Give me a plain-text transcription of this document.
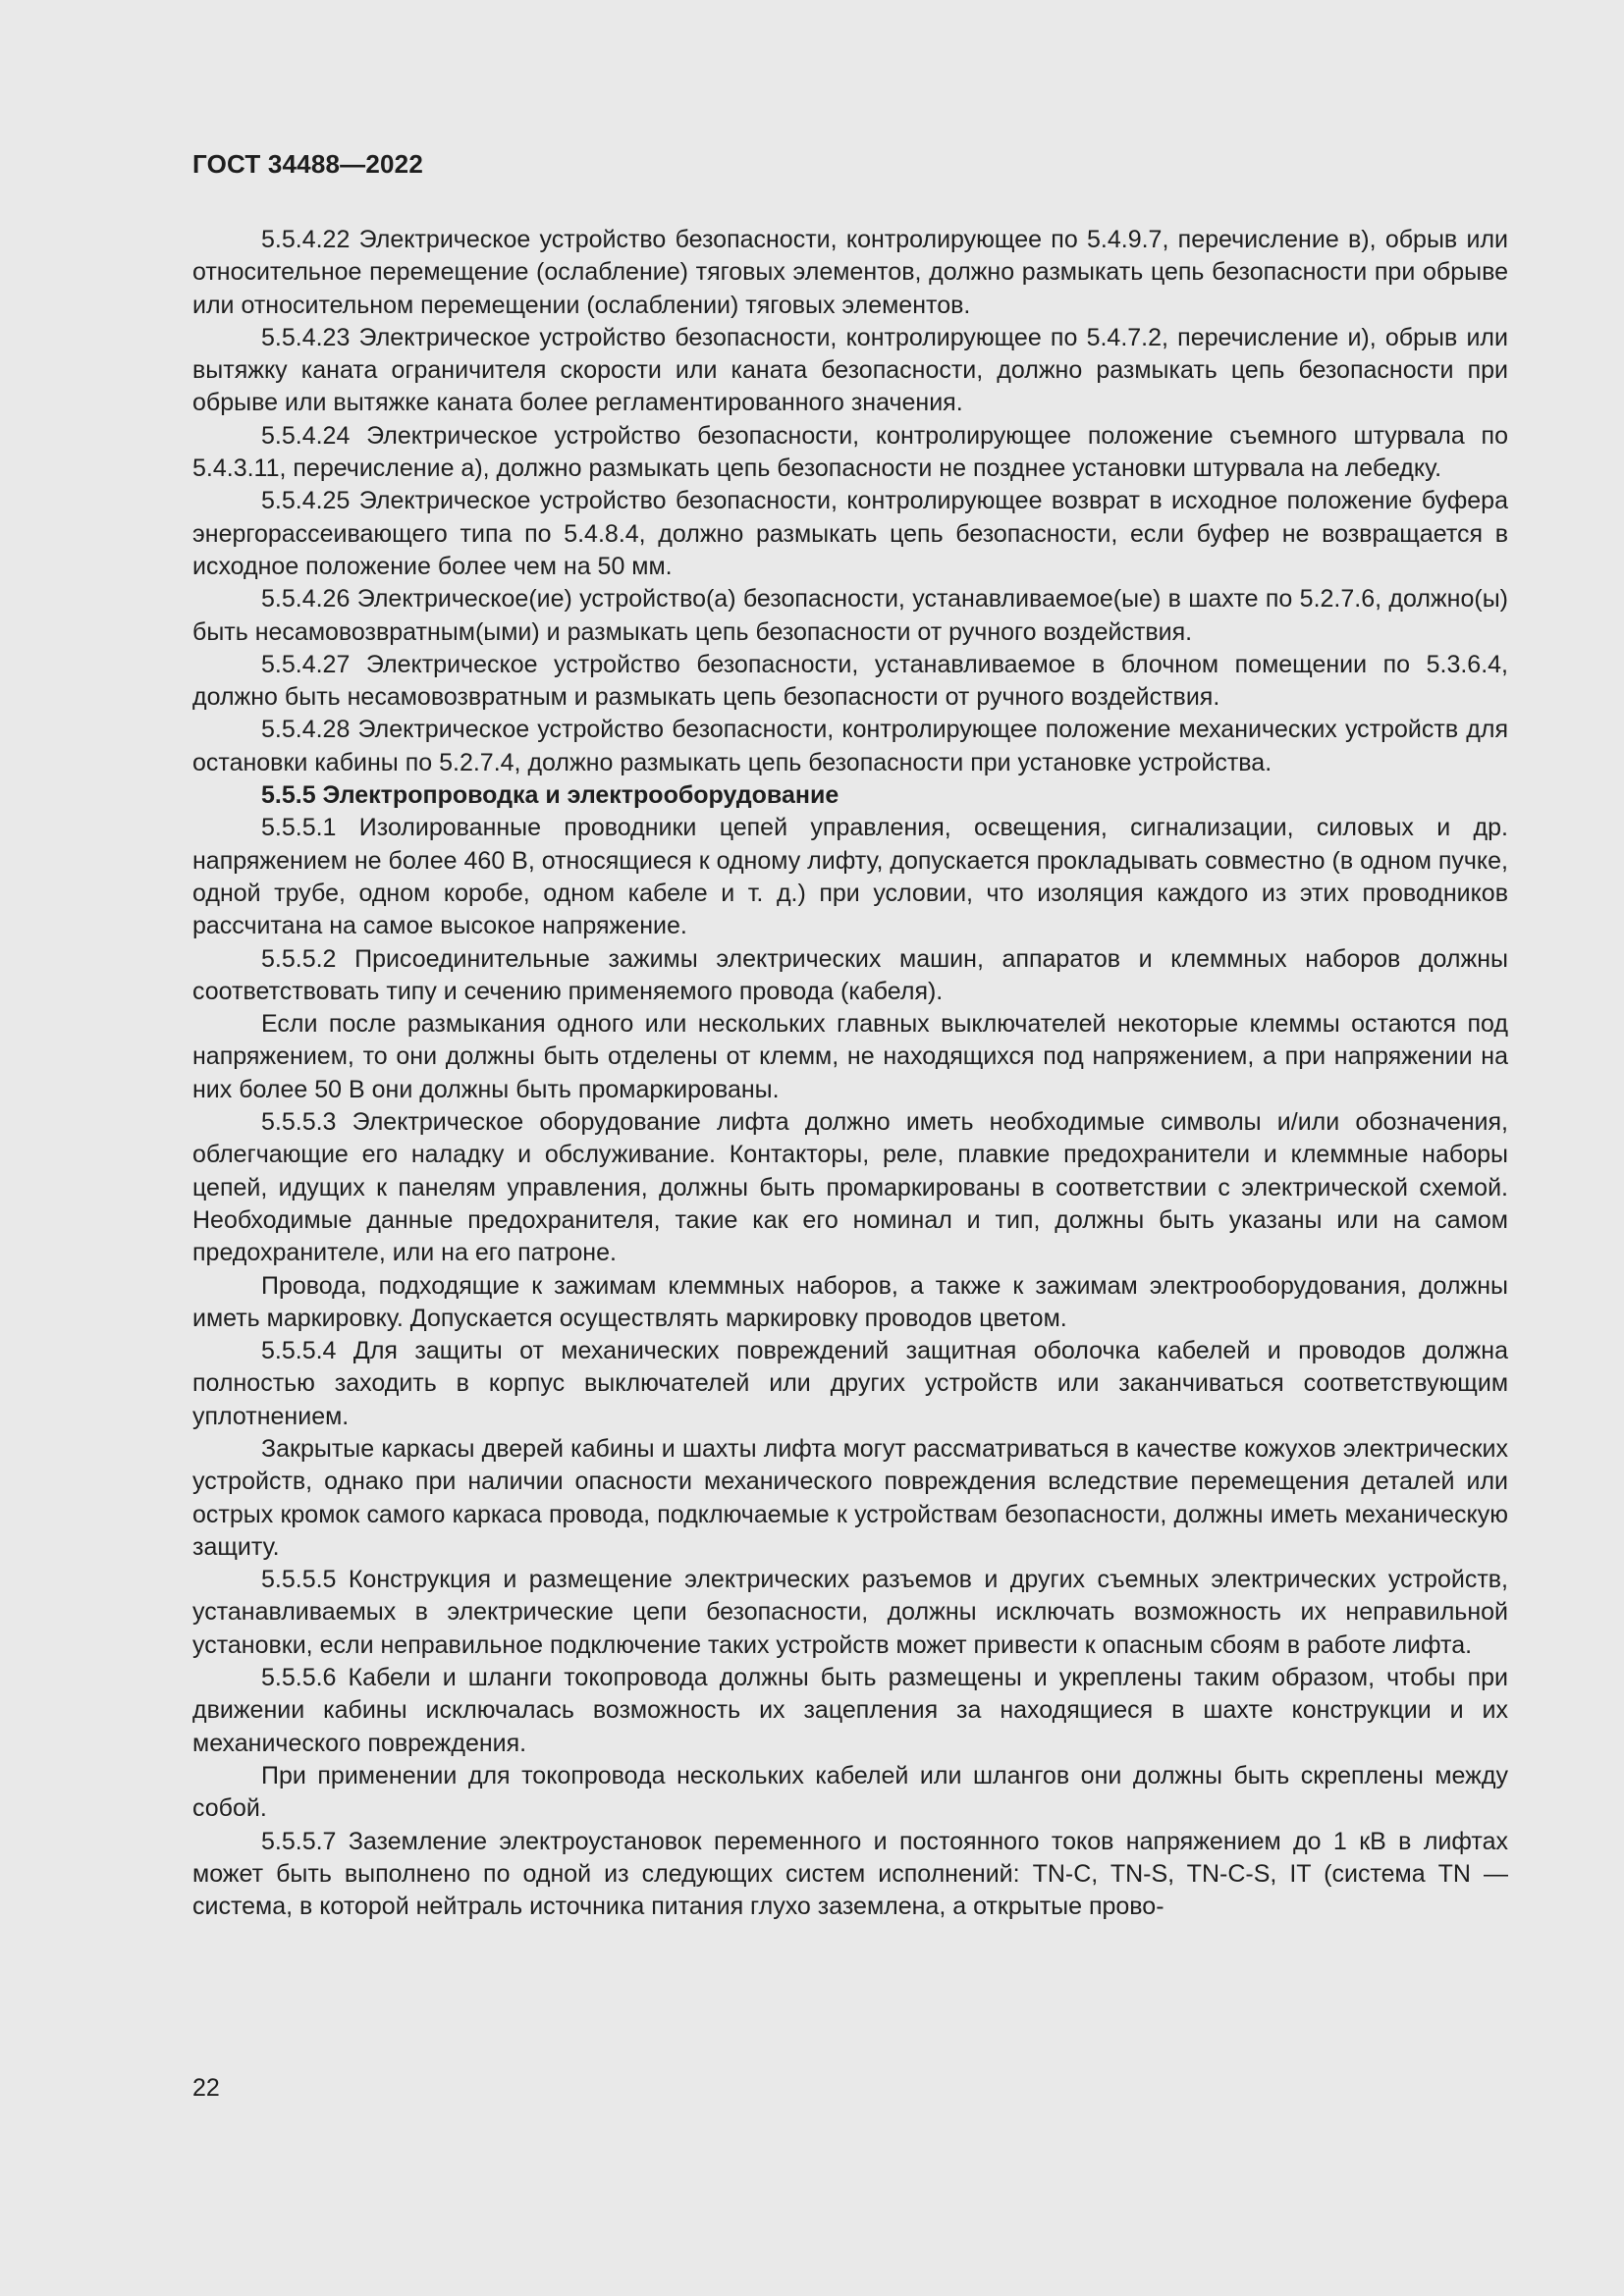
ГОСТ 34488—2022

5.5.4.22 Электрическое устройство безопасности, контролирующее по 5.4.9.7, перечисление в), обрыв или относительное перемещение (ослабление) тяговых элементов, должно размыкать цепь безопасности при обрыве или относительном перемещении (ослаблении) тяговых элементов.

5.5.4.23 Электрическое устройство безопасности, контролирующее по 5.4.7.2, перечисление и), обрыв или вытяжку каната ограничителя скорости или каната безопасности, должно размыкать цепь безопасности при обрыве или вытяжке каната более регламентированного значения.

5.5.4.24 Электрическое устройство безопасности, контролирующее положение съемного штурвала по 5.4.3.11, перечисление а), должно размыкать цепь безопасности не позднее установки штурвала на лебедку.

5.5.4.25 Электрическое устройство безопасности, контролирующее возврат в исходное положение буфера энергорассеивающего типа по 5.4.8.4, должно размыкать цепь безопасности, если буфер не возвращается в исходное положение более чем на 50 мм.

5.5.4.26 Электрическое(ие) устройство(а) безопасности, устанавливаемое(ые) в шахте по 5.2.7.6, должно(ы) быть несамовозвратным(ыми) и размыкать цепь безопасности от ручного воздействия.

5.5.4.27 Электрическое устройство безопасности, устанавливаемое в блочном помещении по 5.3.6.4, должно быть несамовозвратным и размыкать цепь безопасности от ручного воздействия.

5.5.4.28 Электрическое устройство безопасности, контролирующее положение механических устройств для остановки кабины по 5.2.7.4, должно размыкать цепь безопасности при установке устройства.

5.5.5 Электропроводка и электрооборудование

5.5.5.1 Изолированные проводники цепей управления, освещения, сигнализации, силовых и др. напряжением не более 460 В, относящиеся к одному лифту, допускается прокладывать совместно (в одном пучке, одной трубе, одном коробе, одном кабеле и т. д.) при условии, что изоляция каждого из этих проводников рассчитана на самое высокое напряжение.

5.5.5.2 Присоединительные зажимы электрических машин, аппаратов и клеммных наборов должны соответствовать типу и сечению применяемого провода (кабеля).

Если после размыкания одного или нескольких главных выключателей некоторые клеммы остаются под напряжением, то они должны быть отделены от клемм, не находящихся под напряжением, а при напряжении на них более 50 В они должны быть промаркированы.

5.5.5.3 Электрическое оборудование лифта должно иметь необходимые символы и/или обозначения, облегчающие его наладку и обслуживание. Контакторы, реле, плавкие предохранители и клеммные наборы цепей, идущих к панелям управления, должны быть промаркированы в соответствии с электрической схемой. Необходимые данные предохранителя, такие как его номинал и тип, должны быть указаны или на самом предохранителе, или на его патроне.

Провода, подходящие к зажимам клеммных наборов, а также к зажимам электрооборудования, должны иметь маркировку. Допускается осуществлять маркировку проводов цветом.

5.5.5.4 Для защиты от механических повреждений защитная оболочка кабелей и проводов должна полностью заходить в корпус выключателей или других устройств или заканчиваться соответствующим уплотнением.

Закрытые каркасы дверей кабины и шахты лифта могут рассматриваться в качестве кожухов электрических устройств, однако при наличии опасности механического повреждения вследствие перемещения деталей или острых кромок самого каркаса провода, подключаемые к устройствам безопасности, должны иметь механическую защиту.

5.5.5.5 Конструкция и размещение электрических разъемов и других съемных электрических устройств, устанавливаемых в электрические цепи безопасности, должны исключать возможность их неправильной установки, если неправильное подключение таких устройств может привести к опасным сбоям в работе лифта.

5.5.5.6 Кабели и шланги токопровода должны быть размещены и укреплены таким образом, чтобы при движении кабины исключалась возможность их зацепления за находящиеся в шахте конструкции и их механического повреждения.

При применении для токопровода нескольких кабелей или шлангов они должны быть скреплены между собой.

5.5.5.7 Заземление электроустановок переменного и постоянного токов напряжением до 1 кВ в лифтах может быть выполнено по одной из следующих систем исполнений: TN-C, TN-S, TN-C-S, IT (система TN — система, в которой нейтраль источника питания глухо заземлена, а открытые прово-

22
